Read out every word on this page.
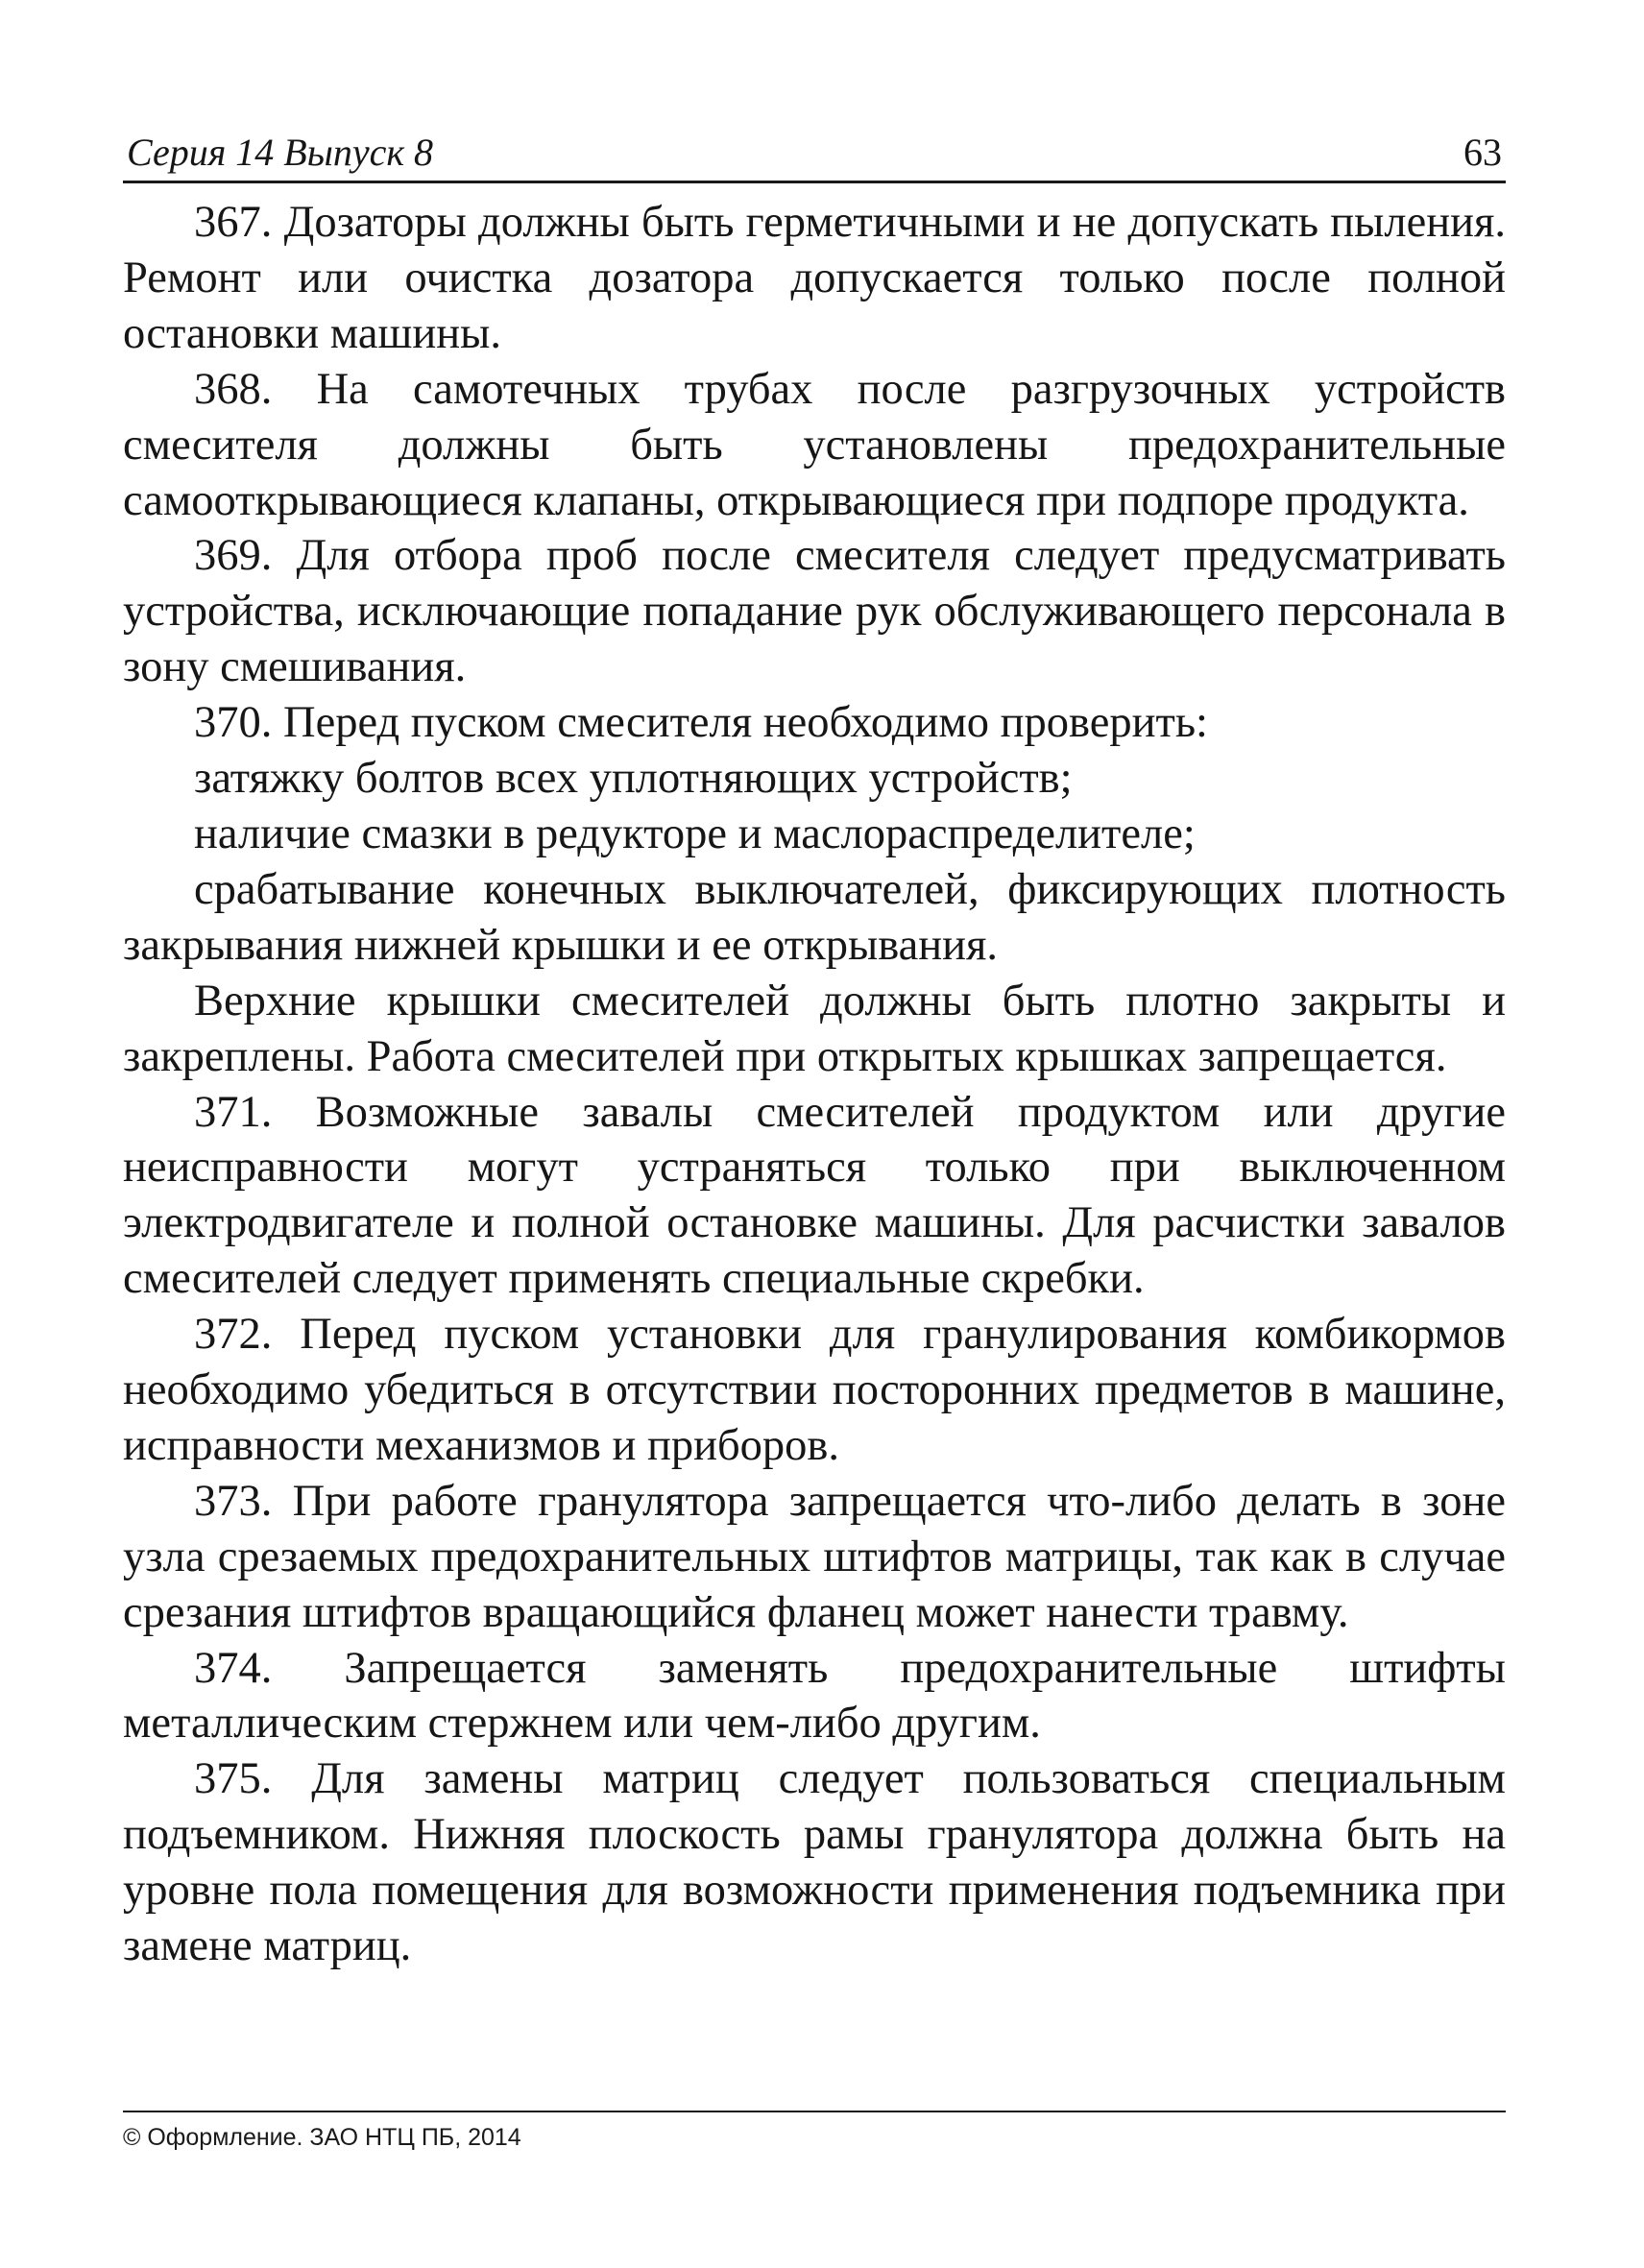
Серия 14 Выпуск 8	63

367. Дозаторы должны быть герметичными и не допускать пыления. Ремонт или очистка дозатора допускается только после полной остановки машины.

368. На самотечных трубах после разгрузочных устройств смесителя должны быть установлены предохранительные самооткрывающиеся клапаны, открывающиеся при подпоре продукта.

369. Для отбора проб после смесителя следует предусматривать устройства, исключающие попадание рук обслуживающего персонала в зону смешивания.

370. Перед пуском смесителя необходимо проверить:

затяжку болтов всех уплотняющих устройств;

наличие смазки в редукторе и маслораспределителе;

срабатывание конечных выключателей, фиксирующих плотность закрывания нижней крышки и ее открывания.

Верхние крышки смесителей должны быть плотно закрыты и закреплены. Работа смесителей при открытых крышках запрещается.

371. Возможные завалы смесителей продуктом или другие неисправности могут устраняться только при выключенном электродвигателе и полной остановке машины. Для расчистки завалов смесителей следует применять специальные скребки.

372. Перед пуском установки для гранулирования комбикормов необходимо убедиться в отсутствии посторонних предметов в машине, исправности механизмов и приборов.

373. При работе гранулятора запрещается что-либо делать в зоне узла срезаемых предохранительных штифтов матрицы, так как в случае срезания штифтов вращающийся фланец может нанести травму.

374. Запрещается заменять предохранительные штифты металлическим стержнем или чем-либо другим.

375. Для замены матриц следует пользоваться специальным подъемником. Нижняя плоскость рамы гранулятора должна быть на уровне пола помещения для возможности применения подъемника при замене матриц.

© Оформление. ЗАО НТЦ ПБ, 2014
